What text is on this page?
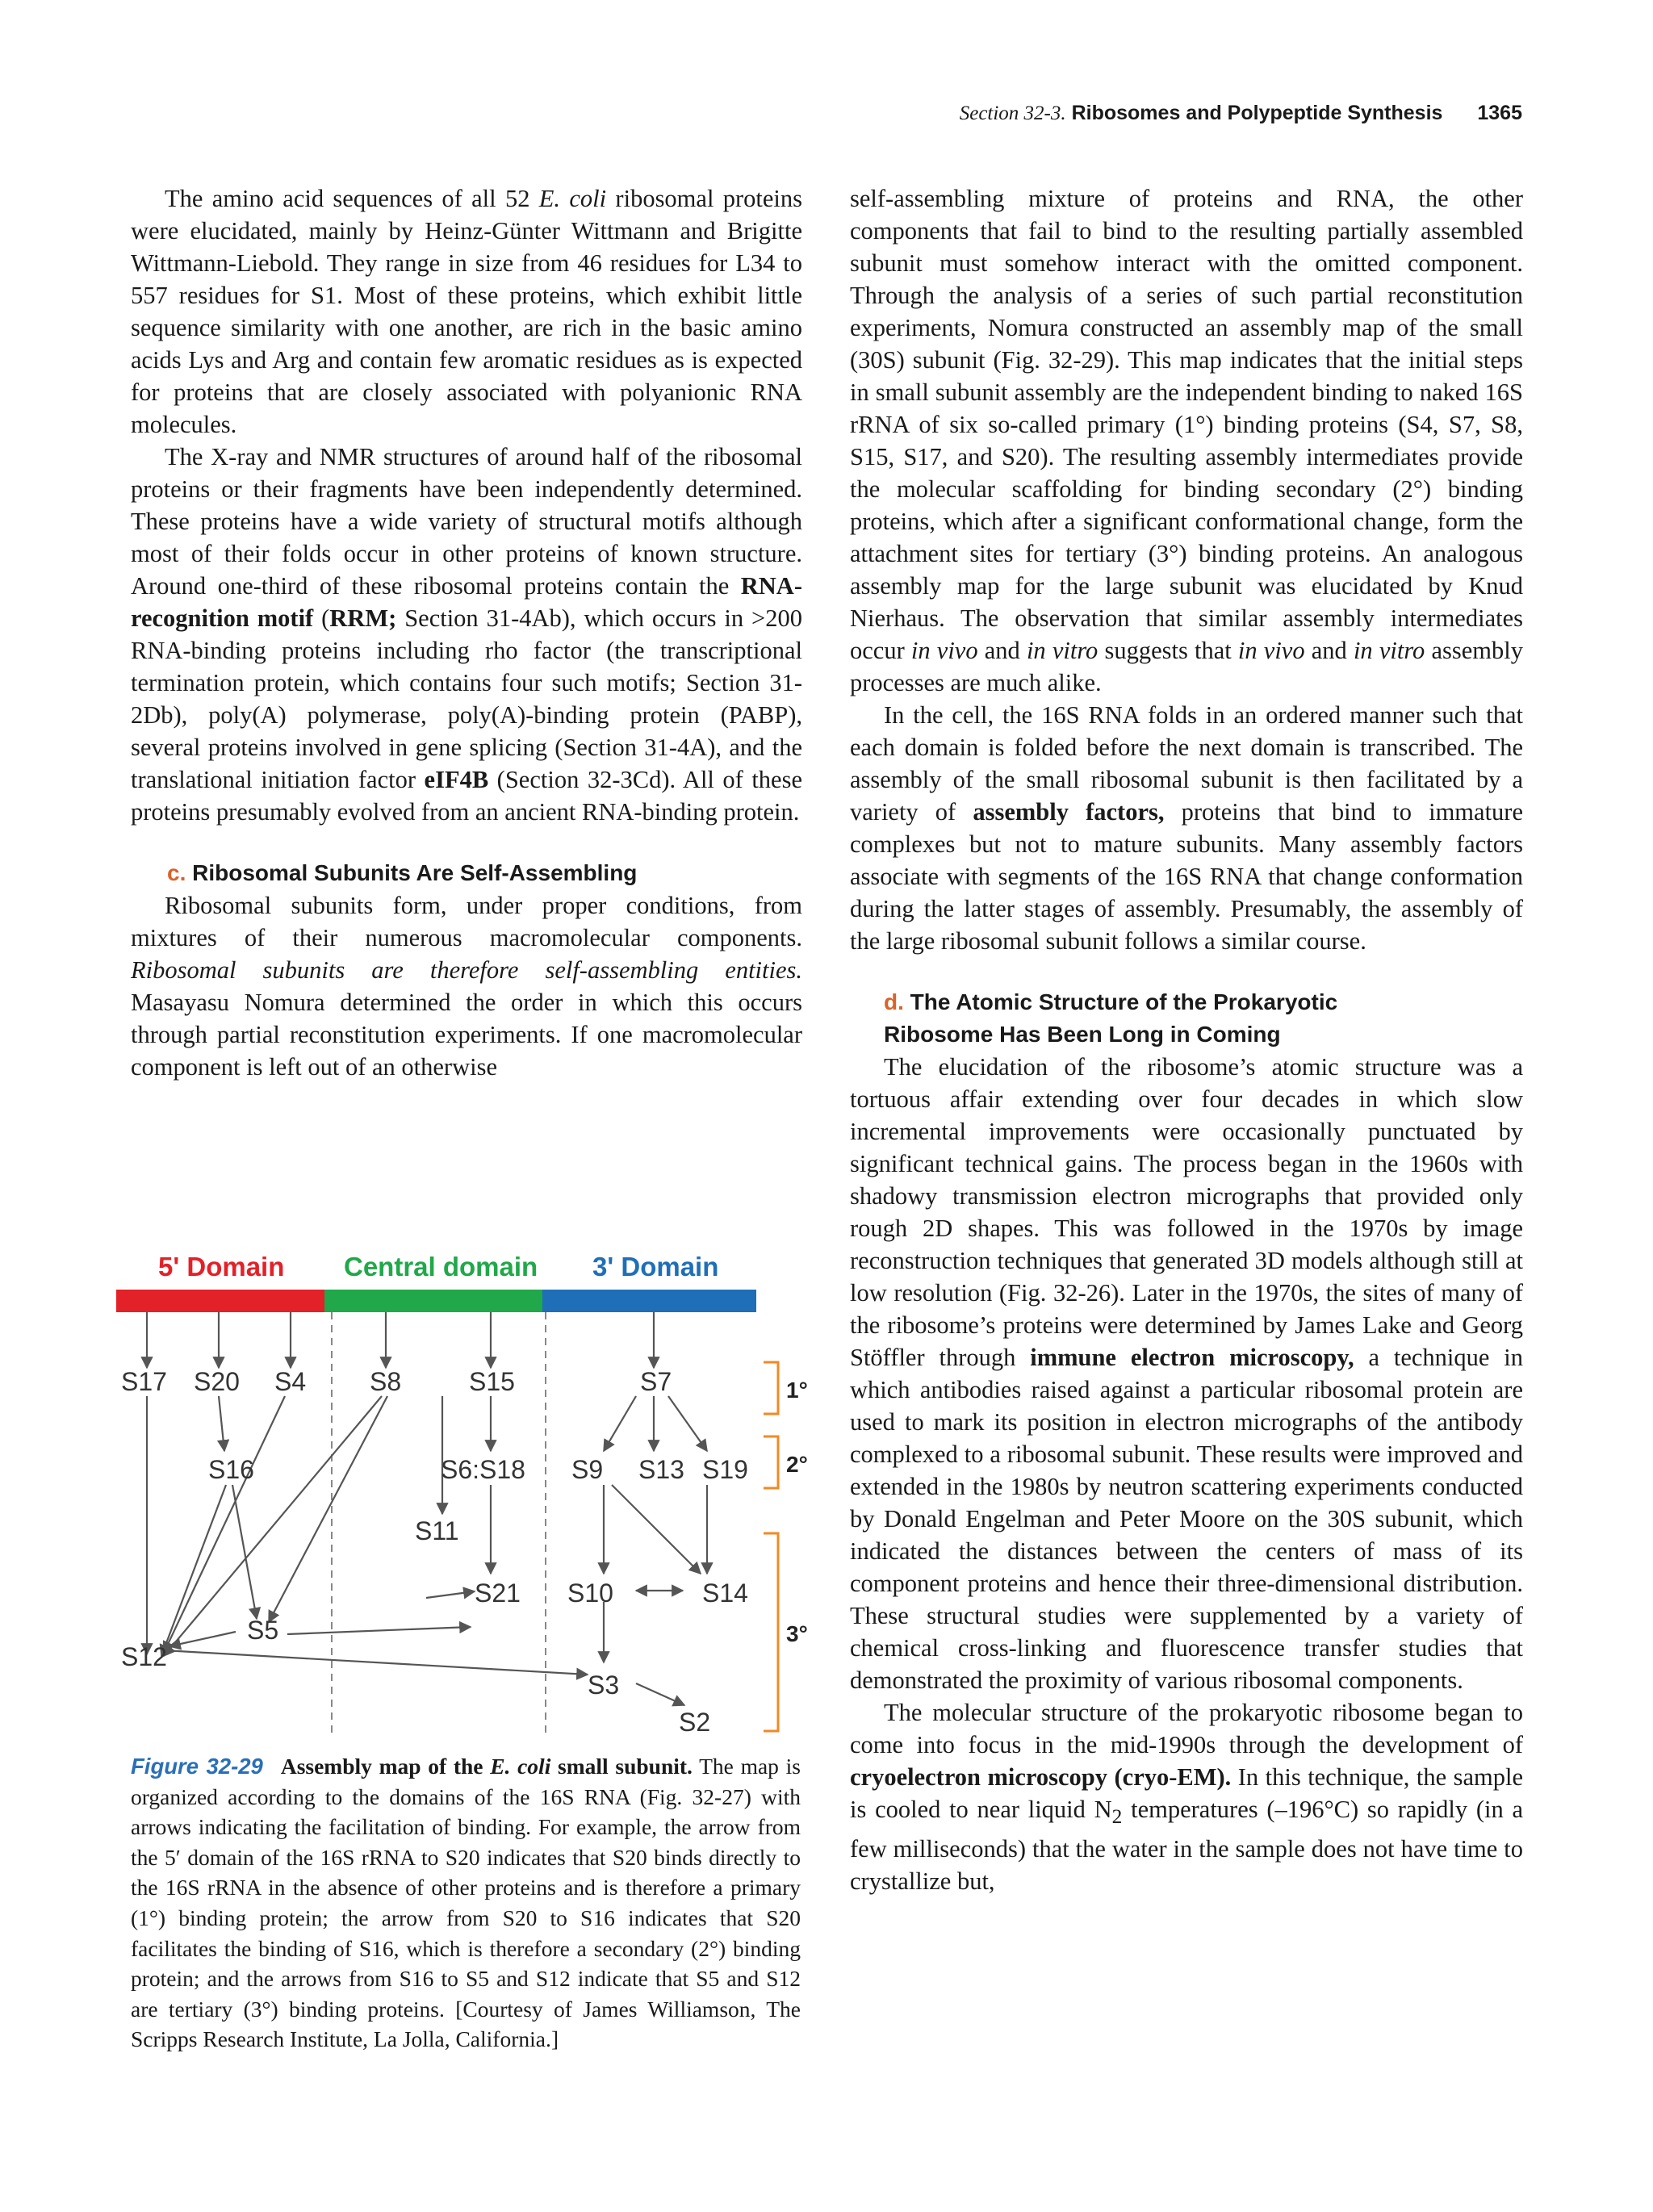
Section 32-3. Ribosomes and Polypeptide Synthesis 1365

The amino acid sequences of all 52 E. coli ribosomal proteins were elucidated, mainly by Heinz-Günter Wittmann and Brigitte Wittmann-Liebold. They range in size from 46 residues for L34 to 557 residues for S1. Most of these proteins, which exhibit little sequence similarity with one another, are rich in the basic amino acids Lys and Arg and contain few aromatic residues as is expected for proteins that are closely associated with polyanionic RNA molecules.

The X-ray and NMR structures of around half of the ribosomal proteins or their fragments have been independently determined. These proteins have a wide variety of structural motifs although most of their folds occur in other proteins of known structure. Around one-third of these ribosomal proteins contain the RNA-recognition motif (RRM; Section 31-4Ab), which occurs in >200 RNA-binding proteins including rho factor (the transcriptional termination protein, which contains four such motifs; Section 31-2Db), poly(A) polymerase, poly(A)-binding protein (PABP), several proteins involved in gene splicing (Section 31-4A), and the translational initiation factor eIF4B (Section 32-3Cd). All of these proteins presumably evolved from an ancient RNA-binding protein.

c. Ribosomal Subunits Are Self-Assembling

Ribosomal subunits form, under proper conditions, from mixtures of their numerous macromolecular components. Ribosomal subunits are therefore self-assembling entities. Masayasu Nomura determined the order in which this occurs through partial reconstitution experiments. If one macromolecular component is left out of an otherwise

self-assembling mixture of proteins and RNA, the other components that fail to bind to the resulting partially assembled subunit must somehow interact with the omitted component. Through the analysis of a series of such partial reconstitution experiments, Nomura constructed an assembly map of the small (30S) subunit (Fig. 32-29). This map indicates that the initial steps in small subunit assembly are the independent binding to naked 16S rRNA of six so-called primary (1°) binding proteins (S4, S7, S8, S15, S17, and S20). The resulting assembly intermediates provide the molecular scaffolding for binding secondary (2°) binding proteins, which after a significant conformational change, form the attachment sites for tertiary (3°) binding proteins. An analogous assembly map for the large subunit was elucidated by Knud Nierhaus. The observation that similar assembly intermediates occur in vivo and in vitro suggests that in vivo and in vitro assembly processes are much alike.

In the cell, the 16S RNA folds in an ordered manner such that each domain is folded before the next domain is transcribed. The assembly of the small ribosomal subunit is then facilitated by a variety of assembly factors, proteins that bind to immature complexes but not to mature subunits. Many assembly factors associate with segments of the 16S RNA that change conformation during the latter stages of assembly. Presumably, the assembly of the large ribosomal subunit follows a similar course.

d. The Atomic Structure of the Prokaryotic
Ribosome Has Been Long in Coming

The elucidation of the ribosome’s atomic structure was a tortuous affair extending over four decades in which slow incremental improvements were occasionally punctuated by significant technical gains. The process began in the 1960s with shadowy transmission electron micrographs that provided only rough 2D shapes. This was followed in the 1970s by image reconstruction techniques that generated 3D models although still at low resolution (Fig. 32-26). Later in the 1970s, the sites of many of the ribosome’s proteins were determined by James Lake and Georg Stöffler through immune electron microscopy, a technique in which antibodies raised against a particular ribosomal protein are used to mark its position in electron micrographs of the antibody complexed to a ribosomal subunit. These results were improved and extended in the 1980s by neutron scattering experiments conducted by Donald Engelman and Peter Moore on the 30S subunit, which indicated the distances between the centers of mass of its component proteins and hence their three-dimensional distribution. These structural studies were supplemented by a variety of chemical cross-linking and fluorescence transfer studies that demonstrated the proximity of various ribosomal components.

The molecular structure of the prokaryotic ribosome began to come into focus in the mid-1990s through the development of cryoelectron microscopy (cryo-EM). In this technique, the sample is cooled to near liquid $N_2$ temperatures (–196°C) so rapidly (in a few milliseconds) that the water in the sample does not have time to crystallize but,

5' Domain Central domain 3' Domain
S17 S20 S4 S8	S15	S7
S16	S6:S18 S9 S13 S19
S11
S21 S10	S14
S5
S12
S3
S2
1°
2°
3°
Figure 32-29 Assembly map of the E. coli small subunit. The map is organized according to the domains of the 16S RNA (Fig. 32-27) with arrows indicating the facilitation of binding. For example, the arrow from the 5′ domain of the 16S rRNA to S20 indicates that S20 binds directly to the 16S rRNA in the absence of other proteins and is therefore a primary (1°) binding protein; the arrow from S20 to S16 indicates that S20 facilitates the binding of S16, which is therefore a secondary (2°) binding protein; and the arrows from S16 to S5 and S12 indicate that S5 and S12 are tertiary (3°) binding proteins. [Courtesy of James Williamson, The Scripps Research Institute, La Jolla, California.]
